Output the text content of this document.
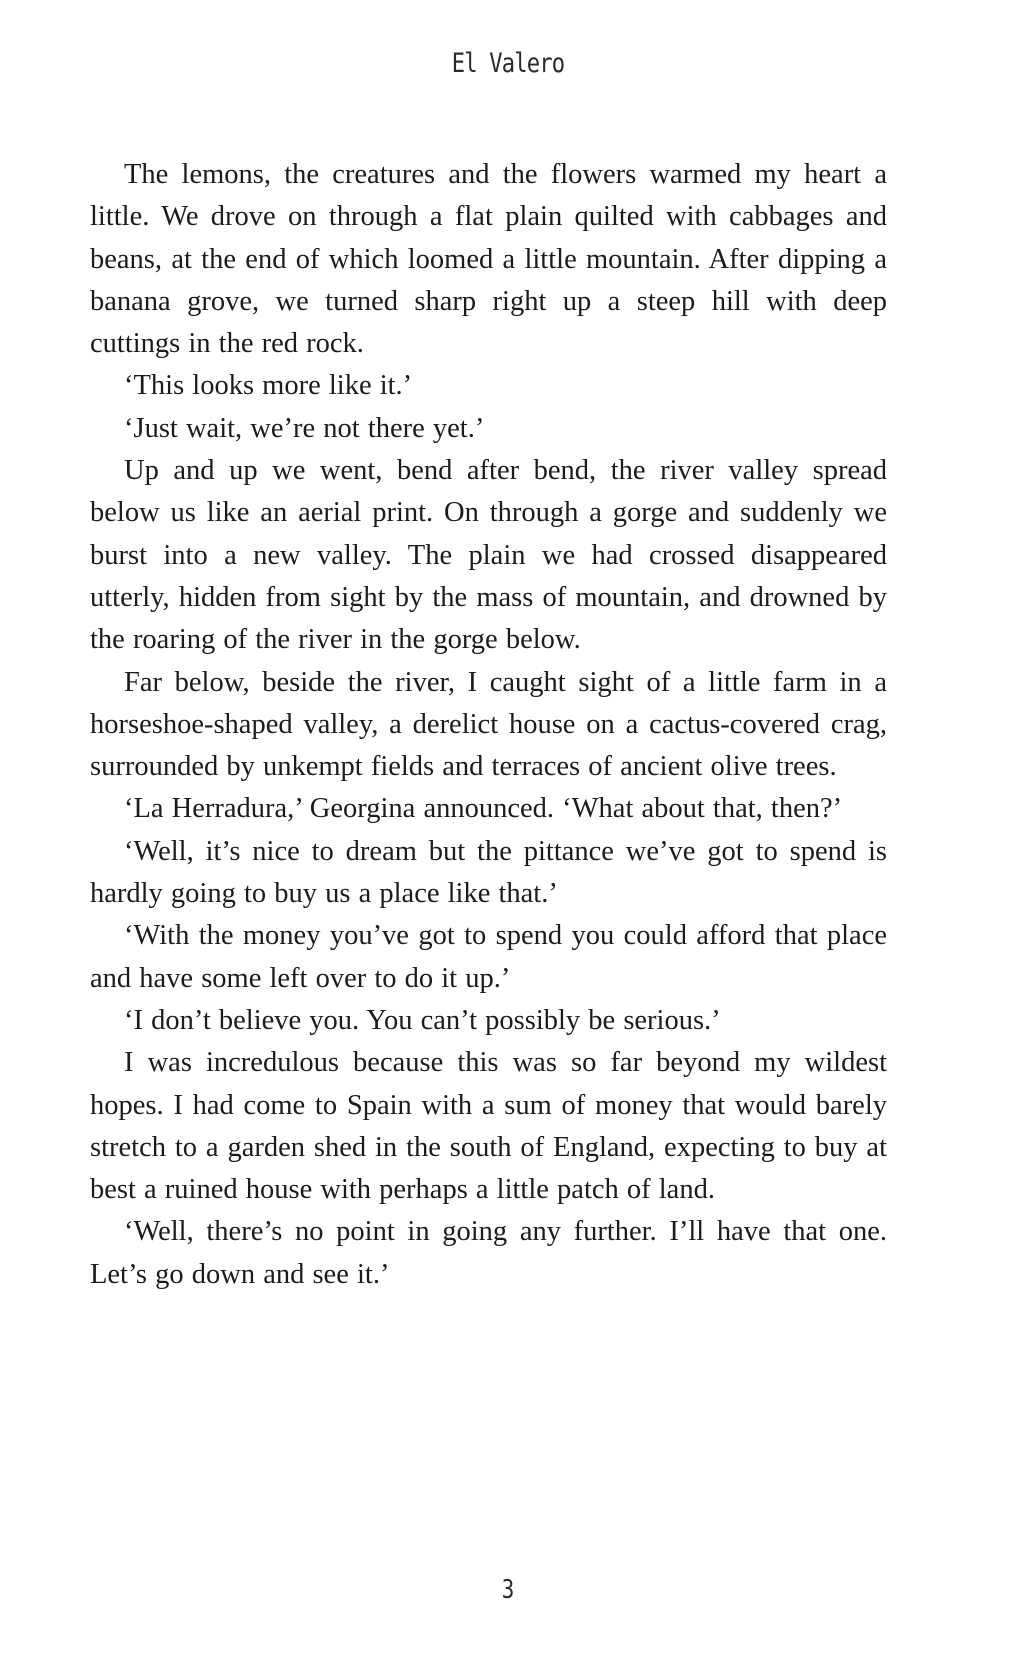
El Valero

The lemons, the creatures and the flowers warmed my heart a little. We drove on through a flat plain quilted with cabbages and beans, at the end of which loomed a little mountain. After dipping a banana grove, we turned sharp right up a steep hill with deep cuttings in the red rock.

‘This looks more like it.’

‘Just wait, we’re not there yet.’

Up and up we went, bend after bend, the river valley spread below us like an aerial print. On through a gorge and suddenly we burst into a new valley. The plain we had crossed disappeared utterly, hidden from sight by the mass of mountain, and drowned by the roaring of the river in the gorge below.

Far below, beside the river, I caught sight of a little farm in a horseshoe-shaped valley, a derelict house on a cactus-covered crag, surrounded by unkempt fields and terraces of ancient olive trees.

‘La Herradura,’ Georgina announced. ‘What about that, then?’

‘Well, it’s nice to dream but the pittance we’ve got to spend is hardly going to buy us a place like that.’

‘With the money you’ve got to spend you could afford that place and have some left over to do it up.’

‘I don’t believe you. You can’t possibly be serious.’

I was incredulous because this was so far beyond my wildest hopes. I had come to Spain with a sum of money that would barely stretch to a garden shed in the south of England, expecting to buy at best a ruined house with perhaps a little patch of land.

‘Well, there’s no point in going any further. I’ll have that one. Let’s go down and see it.’

3
